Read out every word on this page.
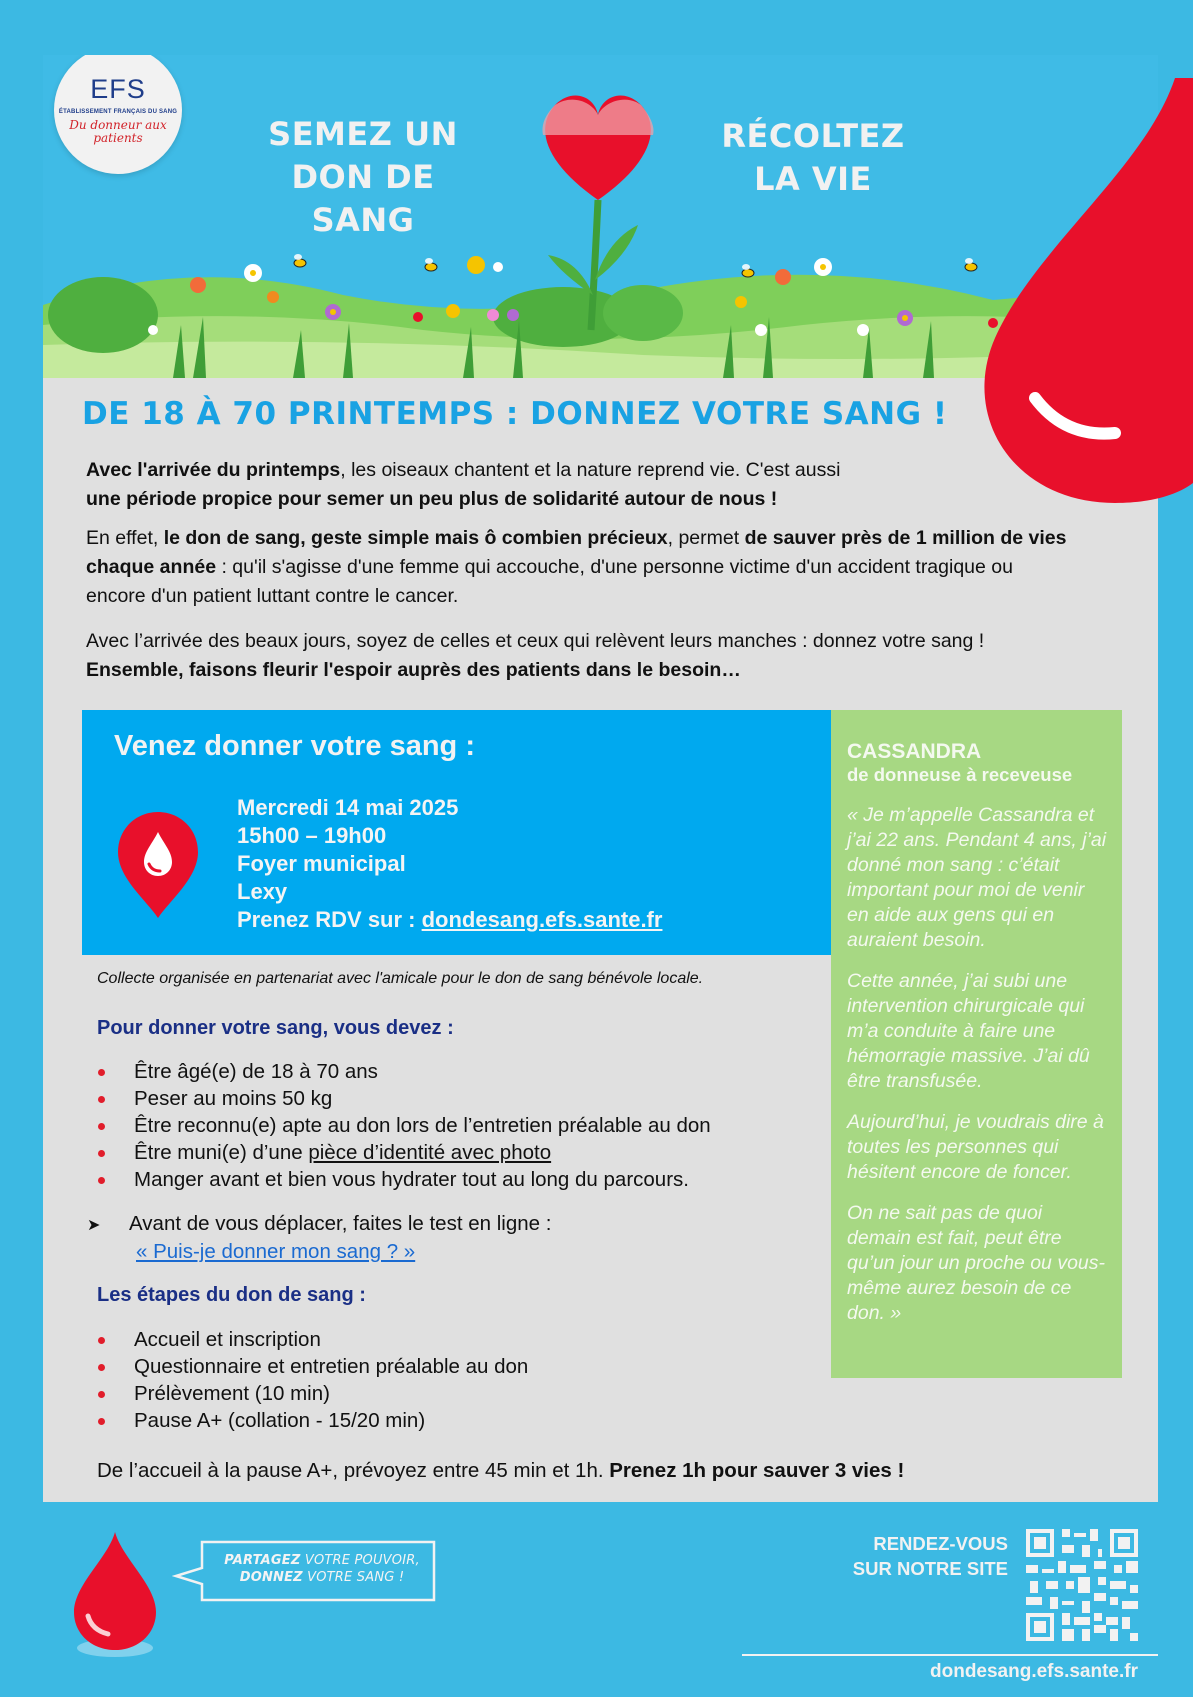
EFS
ÉTABLISSEMENT FRANÇAIS DU SANG
Du donneur aux patients	SEMEZ UN
DON DE SANG
RÉCOLTEZ
LA VIE
DE 18 À 70 PRINTEMPS : DONNEZ VOTRE SANG !
Avec l'arrivée du printemps, les oiseaux chantent et la nature reprend vie. C'est aussi
une période propice pour semer un peu plus de solidarité autour de nous !
En effet, le don de sang, geste simple mais ô combien précieux, permet de sauver près de 1 million de vies chaque année : qu'il s'agisse d'une femme qui accouche, d'une personne victime d'un accident tragique ou encore d'un patient luttant contre le cancer.
Avec l’arrivée des beaux jours, soyez de celles et ceux qui relèvent leurs manches : donnez votre sang !
Ensemble, faisons fleurir l'espoir auprès des patients dans le besoin…
Venez donner votre sang :
Mercredi 14 mai 2025
15h00 – 19h00
Foyer municipal
Lexy
Prenez RDV sur : dondesang.efs.sante.fr
CASSANDRA
de donneuse à receveuse

« Je m’appelle Cassandra et j’ai 22 ans. Pendant 4 ans, j’ai donné mon sang : c’était important pour moi de venir en aide aux gens qui en auraient besoin.

Cette année, j’ai subi une intervention chirurgicale qui m’a conduite à faire une hémorragie massive. J’ai dû être transfusée.

Aujourd’hui, je voudrais dire à toutes les personnes qui hésitent encore de foncer.

On ne sait pas de quoi demain est fait, peut être qu’un jour un proche ou vous-même aurez besoin de ce don. »

Collecte organisée en partenariat avec l'amicale pour le don de sang bénévole locale.
Pour donner votre sang, vous devez :
Être âgé(e) de 18 à 70 ans
Peser au moins 50 kg
Être reconnu(e) apte au don lors de l’entretien préalable au don
Être muni(e) d’une pièce d’identité avec photo
Manger avant et bien vous hydrater tout au long du parcours.
➤ Avant de vous déplacer, faites le test en ligne :
« Puis-je donner mon sang ? »
Les étapes du don de sang :
Accueil et inscription
Questionnaire et entretien préalable au don
Prélèvement (10 min)
Pause A+ (collation - 15/20 min)
De l’accueil à la pause A+, prévoyez entre 45 min et 1h. Prenez 1h pour sauver 3 vies !
PARTAGEZ VOTRE POUVOIR,
DONNEZ VOTRE SANG !
RENDEZ-VOUS
SUR NOTRE SITE
dondesang.efs.sante.fr
